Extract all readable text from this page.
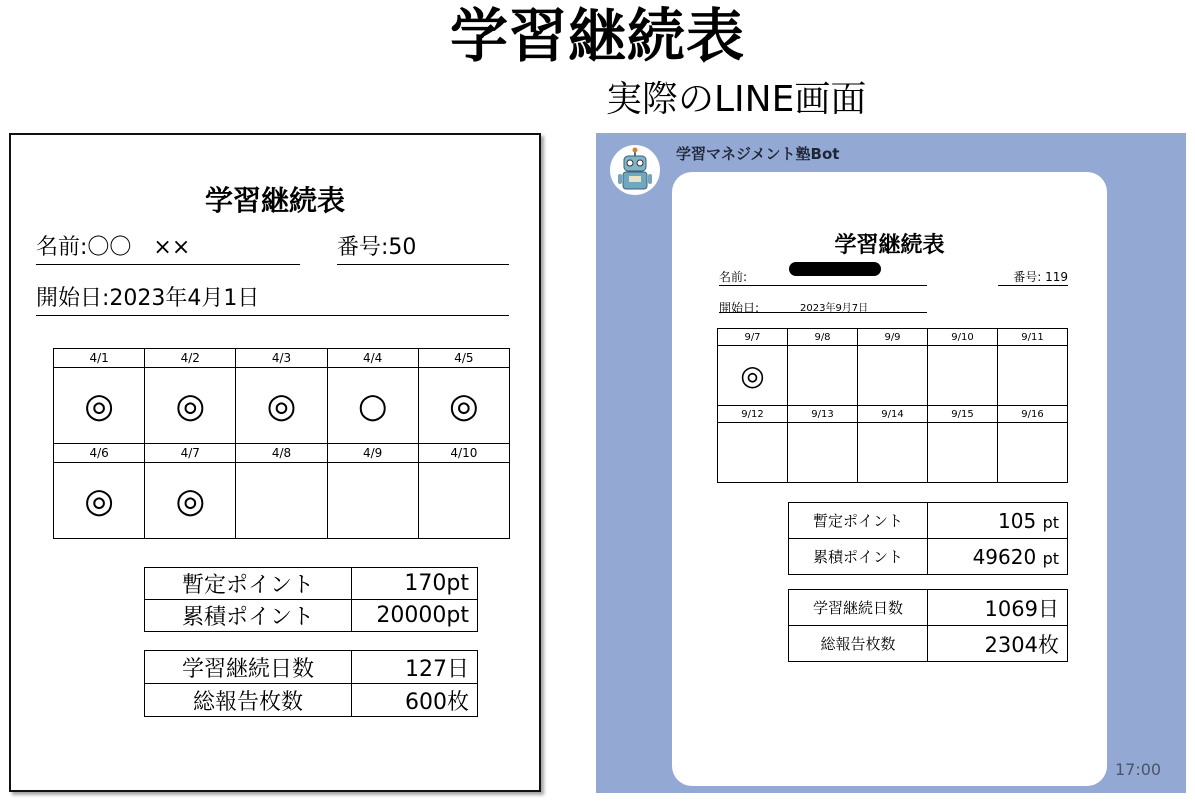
学習継続表
実際のLINE画面
学習継続表
名前:〇〇　××	番号:50
開始日:2023年4月1日
4/1	4/2	4/3	4/4	4/5
◎	◎	◎	○	◎
4/6	4/7	4/8	4/9	4/10
◎	◎			
暫定ポイント	170pt
累積ポイント	20000pt
学習継続日数	127日
総報告枚数	600枚
学習マネジメント塾Bot
学習継続表
名前:	番号: 119
開始日:	2023年9月7日
9/7	9/8	9/9	9/10	9/11
◎				
9/12	9/13	9/14	9/15	9/16

暫定ポイント	105 pt
累積ポイント	49620 pt
学習継続日数	1069日
総報告枚数	2304枚
17:00
